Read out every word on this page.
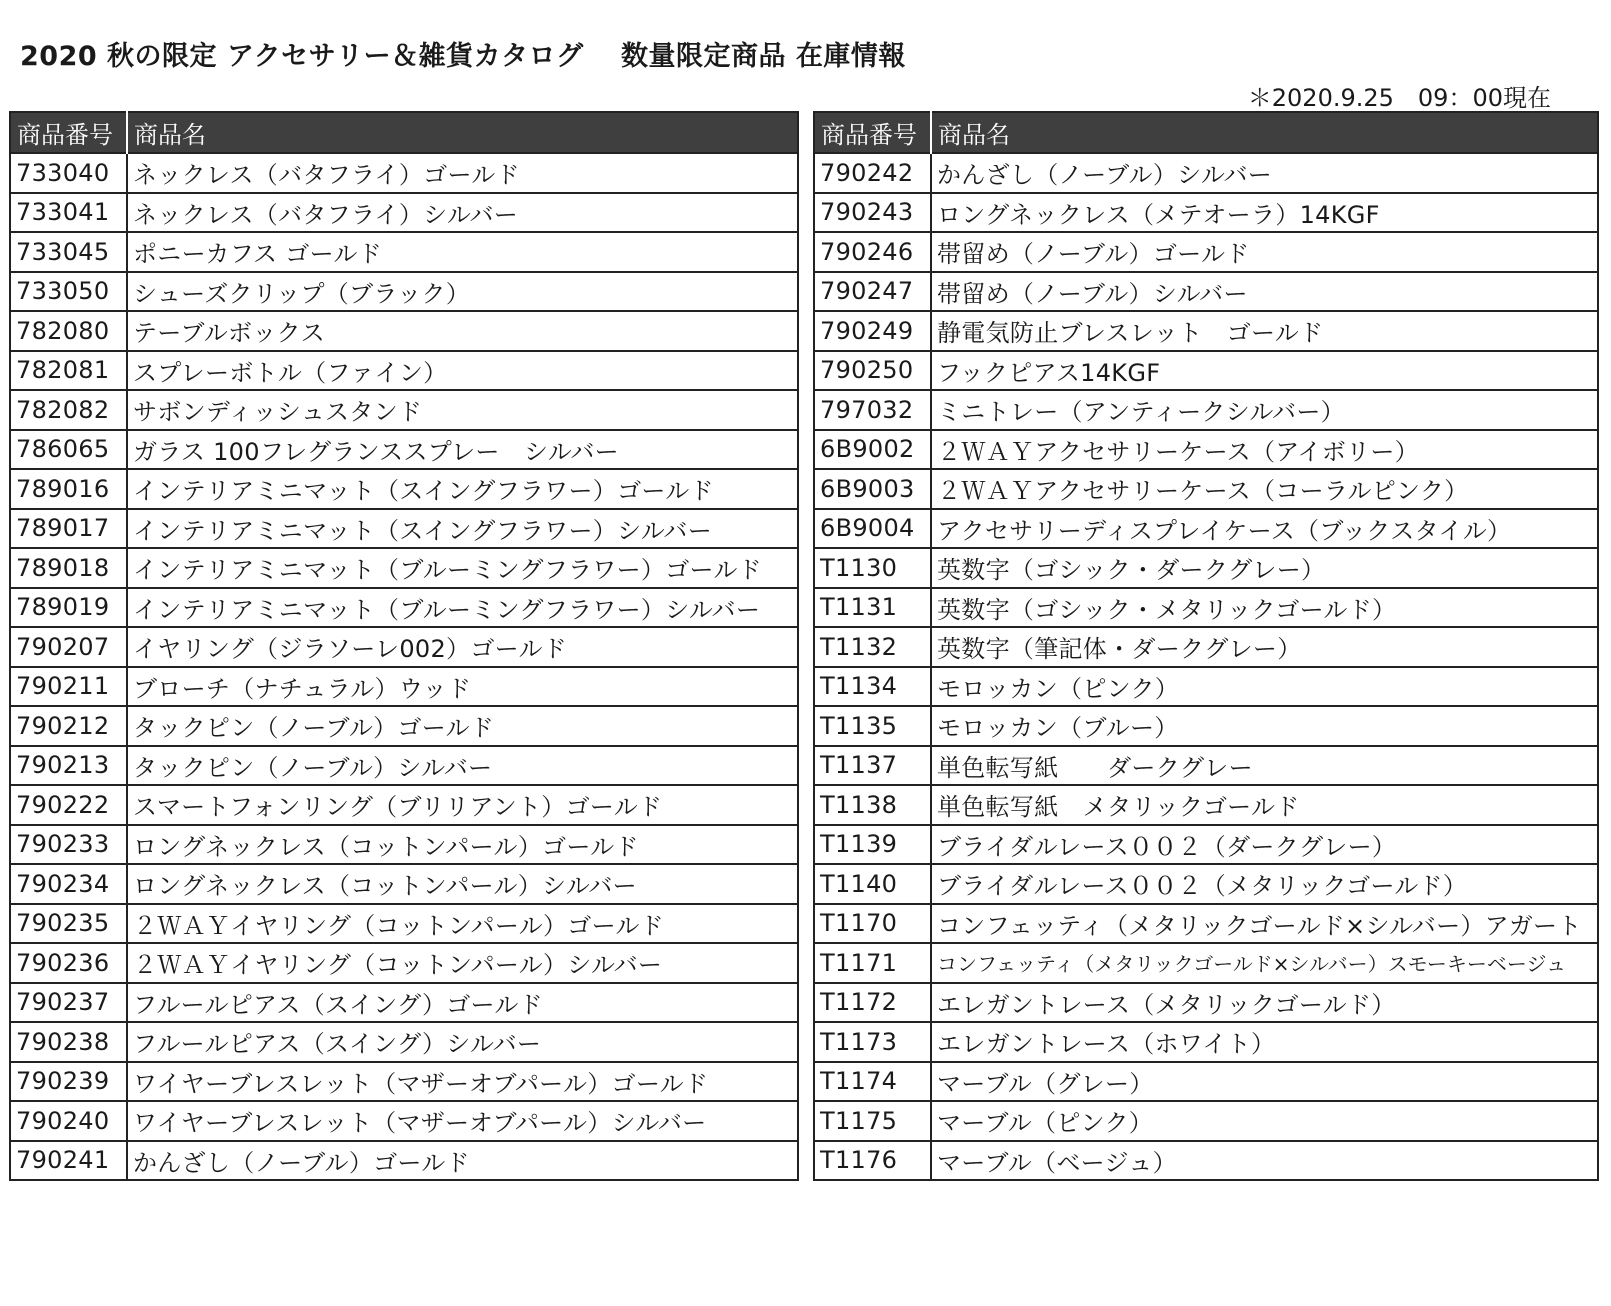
2020 秋の限定 アクセサリー＆雑貨カタログ　 数量限定商品 在庫情報
＊2020.9.25　09：00現在
商品番号	商品名
733040	ネックレス（バタフライ）ゴールド
733041	ネックレス（バタフライ）シルバー
733045	ポニーカフス ゴールド
733050	シューズクリップ（ブラック）
782080	テーブルボックス
782081	スプレーボトル（ファイン）
782082	サボンディッシュスタンド
786065	ガラス 100フレグランススプレー　シルバー
789016	インテリアミニマット（スイングフラワー）ゴールド
789017	インテリアミニマット（スイングフラワー）シルバー
789018	インテリアミニマット（ブルーミングフラワー）ゴールド
789019	インテリアミニマット（ブルーミングフラワー）シルバー
790207	イヤリング（ジラソーレ002）ゴールド
790211	ブローチ（ナチュラル）ウッド
790212	タックピン（ノーブル）ゴールド
790213	タックピン（ノーブル）シルバー
790222	スマートフォンリング（ブリリアント）ゴールド
790233	ロングネックレス（コットンパール）ゴールド
790234	ロングネックレス（コットンパール）シルバー
790235	２ＷＡＹイヤリング（コットンパール）ゴールド
790236	２ＷＡＹイヤリング（コットンパール）シルバー
790237	フルールピアス（スイング）ゴールド
790238	フルールピアス（スイング）シルバー
790239	ワイヤーブレスレット（マザーオブパール）ゴールド
790240	ワイヤーブレスレット（マザーオブパール）シルバー
790241	かんざし（ノーブル）ゴールド
商品番号	商品名
790242	かんざし（ノーブル）シルバー
790243	ロングネックレス（メテオーラ）14KGF
790246	帯留め（ノーブル）ゴールド
790247	帯留め（ノーブル）シルバー
790249	静電気防止ブレスレット　ゴールド
790250	フックピアス14KGF
797032	ミニトレー（アンティークシルバー）
6B9002	２ＷＡＹアクセサリーケース（アイボリー）
6B9003	２ＷＡＹアクセサリーケース（コーラルピンク）
6B9004	アクセサリーディスプレイケース（ブックスタイル）
T1130	英数字（ゴシック・ダークグレー）
T1131	英数字（ゴシック・メタリックゴールド）
T1132	英数字（筆記体・ダークグレー）
T1134	モロッカン（ピンク）
T1135	モロッカン（ブルー）
T1137	単色転写紙　　ダークグレー
T1138	単色転写紙　メタリックゴールド
T1139	ブライダルレース００２（ダークグレー）
T1140	ブライダルレース００２（メタリックゴールド）
T1170	コンフェッティ（メタリックゴールド×シルバー）アガート
T1171	コンフェッティ（メタリックゴールド×シルバー）スモーキーベージュ
T1172	エレガントレース（メタリックゴールド）
T1173	エレガントレース（ホワイト）
T1174	マーブル（グレー）
T1175	マーブル（ピンク）
T1176	マーブル（ベージュ）
